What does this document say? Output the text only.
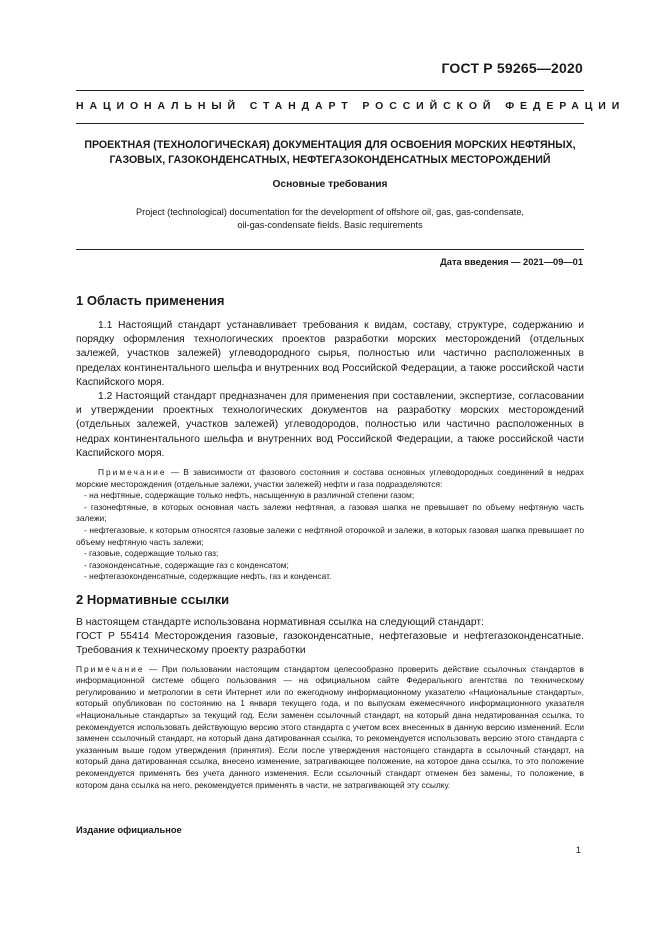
ГОСТ Р 59265—2020
НАЦИОНАЛЬНЫЙ СТАНДАРТ РОССИЙСКОЙ ФЕДЕРАЦИИ
ПРОЕКТНАЯ (ТЕХНОЛОГИЧЕСКАЯ) ДОКУМЕНТАЦИЯ ДЛЯ ОСВОЕНИЯ МОРСКИХ НЕФТЯНЫХ,
ГАЗОВЫХ, ГАЗОКОНДЕНСАТНЫХ, НЕФТЕГАЗОКОНДЕНСАТНЫХ МЕСТОРОЖДЕНИЙ
Основные требования
Project (technological) documentation for the development of offshore oil, gas, gas-condensate,
oil-gas-condensate fields. Basic requirements
Дата введения — 2021—09—01
1 Область применения

1.1 Настоящий стандарт устанавливает требования к видам, составу, структуре, содержанию и порядку оформления технологических проектов разработки морских месторождений (отдельных залежей, участков залежей) углеводородного сырья, полностью или частично расположенных в пределах континентального шельфа и внутренних вод Российской Федерации, а также российской части Каспийского моря.

1.2 Настоящий стандарт предназначен для применения при составлении, экспертизе, согласовании и утверждении проектных технологических документов на разработку морских месторождений (отдельных залежей, участков залежей) углеводородов, полностью или частично расположенных в недрах континентального шельфа и внутренних вод Российской Федерации, а также российской части Каспийского моря.

Примечание — В зависимости от фазового состояния и состава основных углеводородных соединений в недрах морские месторождения (отдельные залежи, участки залежей) нефти и газа подразделяются:

- на нефтяные, содержащие только нефть, насыщенную в различной степени газом;

- газонефтяные, в которых основная часть залежи нефтяная, а газовая шапка не превышает по объему нефтяную часть залежи;

- нефтегазовые, к которым относятся газовые залежи с нефтяной оторочкой и залежи, в которых газовая шапка превышает по объему нефтяную часть залежи;

- газовые, содержащие только газ;

- газоконденсатные, содержащие газ с конденсатом;

- нефтегазоконденсатные, содержащие нефть, газ и конденсат.

2 Нормативные ссылки

В настоящем стандарте использована нормативная ссылка на следующий стандарт:

ГОСТ Р 55414 Месторождения газовые, газоконденсатные, нефтегазовые и нефтегазоконденсатные. Требования к техническому проекту разработки

Примечание — При пользовании настоящим стандартом целесообразно проверить действие ссылочных стандартов в информационной системе общего пользования — на официальном сайте Федерального агентства по техническому регулированию и метрологии в сети Интернет или по ежегодному информационному указателю «Национальные стандарты», который опубликован по состоянию на 1 января текущего года, и по выпускам ежемесячного информационного указателя «Национальные стандарты» за текущий год. Если заменен ссылочный стандарт, на который дана недатированная ссылка, то рекомендуется использовать действующую версию этого стандарта с учетом всех внесенных в данную версию изменений. Если заменен ссылочный стандарт, на который дана датированная ссылка, то рекомендуется использовать версию этого стандарта с указанным выше годом утверждения (принятия). Если после утверждения настоящего стандарта в ссылочный стандарт, на который дана датированная ссылка, внесено изменение, затрагивающее положение, на которое дана ссылка, то это положение рекомендуется применять без учета данного изменения. Если ссылочный стандарт отменен без замены, то положение, в котором дана ссылка на него, рекомендуется применять в части, не затрагивающей эту ссылку.

Издание официальное
1
